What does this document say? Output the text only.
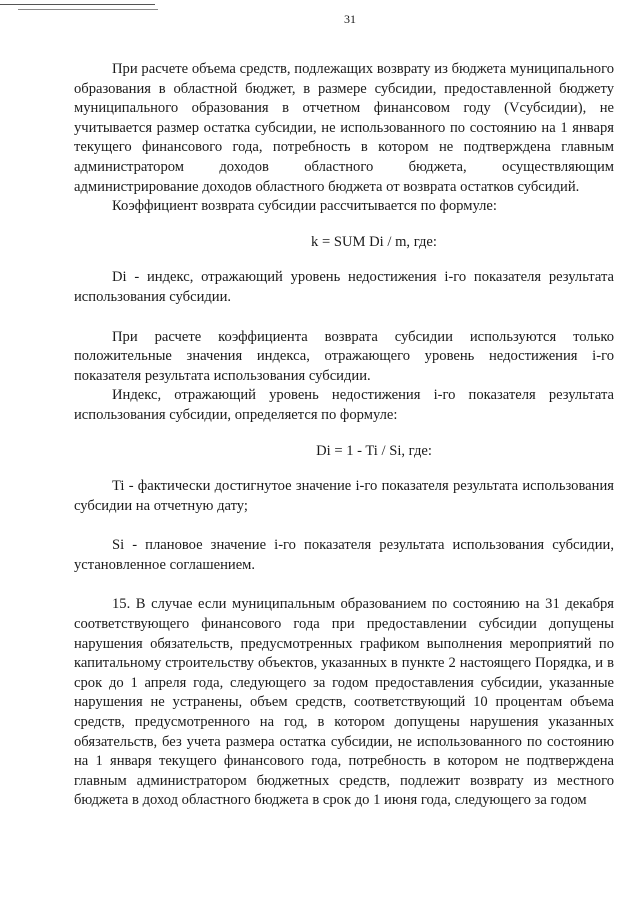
31

При расчете объема средств, подлежащих возврату из бюджета муниципального образования в областной бюджет, в размере субсидии, предоставленной бюджету муниципального образования в отчетном финансовом году (Vсубсидии), не учитывается размер остатка субсидии, не использованного по состоянию на 1 января текущего финансового года, потребность в котором не подтверждена главным администратором доходов областного бюджета, осуществляющим администрирование доходов областного бюджета от возврата остатков субсидий.

Коэффициент возврата субсидии рассчитывается по формуле:

k = SUM Di / m, где:

Di - индекс, отражающий уровень недостижения i-го показателя результата использования субсидии.

При расчете коэффициента возврата субсидии используются только положительные значения индекса, отражающего уровень недостижения i-го показателя результата использования субсидии.

Индекс, отражающий уровень недостижения i-го показателя результата использования субсидии, определяется по формуле:

Di = 1 - Ti / Si, где:

Ti - фактически достигнутое значение i-го показателя результата использования субсидии на отчетную дату;

Si - плановое значение i-го показателя результата использования субсидии, установленное соглашением.

15. В случае если муниципальным образованием по состоянию на 31 декабря соответствующего финансового года при предоставлении субсидии допущены нарушения обязательств, предусмотренных графиком выполнения мероприятий по капитальному строительству объектов, указанных в пункте 2 настоящего Порядка, и в срок до 1 апреля года, следующего за годом предоставления субсидии, указанные нарушения не устранены, объем средств, соответствующий 10 процентам объема средств, предусмотренного на год, в котором допущены нарушения указанных обязательств, без учета размера остатка субсидии, не использованного по состоянию на 1 января текущего финансового года, потребность в котором не подтверждена главным администратором бюджетных средств, подлежит возврату из местного бюджета в доход областного бюджета в срок до 1 июня года, следующего за годом
